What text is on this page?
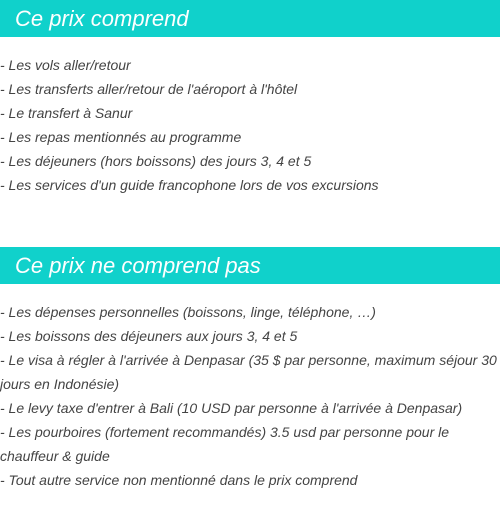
Ce prix comprend
- Les vols aller/retour
- Les transferts aller/retour de l'aéroport à l'hôtel
- Le transfert à Sanur
- Les repas mentionnés au programme
- Les déjeuners (hors boissons) des jours 3, 4 et 5
- Les services d'un guide francophone lors de vos excursions
Ce prix ne comprend pas
- Les dépenses personnelles (boissons, linge, téléphone, …)
- Les boissons des déjeuners aux jours 3, 4 et 5
- Le visa à régler à l'arrivée à Denpasar (35 $ par personne, maximum séjour 30 jours en Indonésie)
- Le levy taxe d'entrer à Bali (10 USD par personne à l'arrivée à Denpasar)
- Les pourboires (fortement recommandés) 3.5 usd par personne pour le chauffeur & guide
- Tout autre service non mentionné dans le prix comprend
